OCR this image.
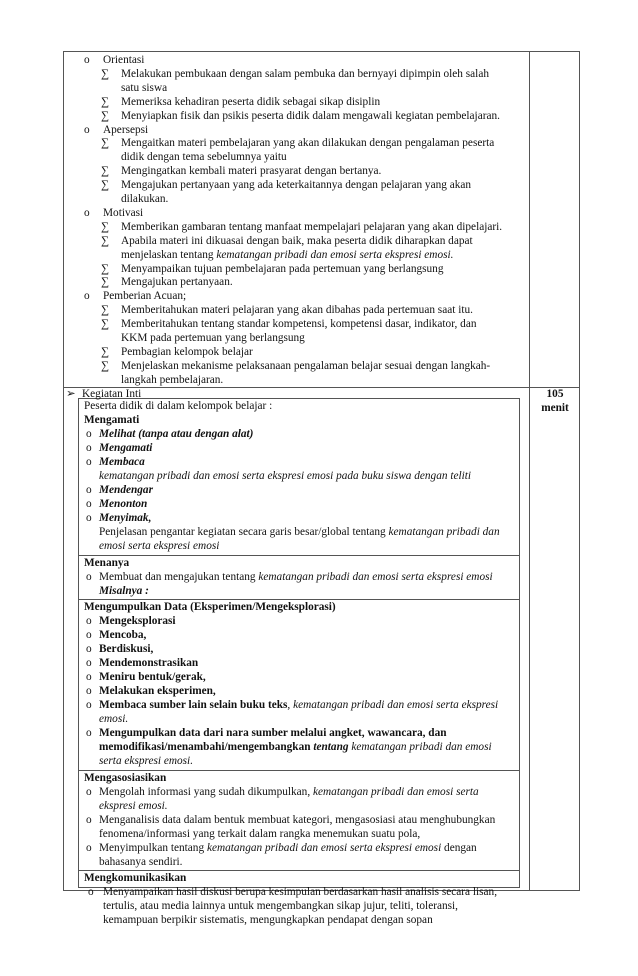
o Orientasi
∑ Melakukan pembukaan dengan salam pembuka dan bernyayi dipimpin oleh salah
satu siswa
∑ Memeriksa kehadiran peserta didik sebagai sikap disiplin
∑ Menyiapkan fisik dan psikis peserta didik dalam mengawali kegiatan pembelajaran.
o Apersepsi
∑ Mengaitkan materi pembelajaran yang akan dilakukan dengan pengalaman peserta
didik dengan tema sebelumnya yaitu
∑ Mengingatkan kembali materi prasyarat dengan bertanya.
∑ Mengajukan pertanyaan yang ada keterkaitannya dengan pelajaran yang akan
dilakukan.
o Motivasi
∑ Memberikan gambaran tentang manfaat mempelajari pelajaran yang akan dipelajari.
∑ Apabila materi ini dikuasai dengan baik, maka peserta didik diharapkan dapat
menjelaskan tentang kematangan pribadi dan emosi serta ekspresi emosi.
∑ Menyampaikan tujuan pembelajaran pada pertemuan yang berlangsung
∑ Mengajukan pertanyaan.
o Pemberian Acuan;
∑ Memberitahukan materi pelajaran yang akan dibahas pada pertemuan saat itu.
∑ Memberitahukan tentang standar kompetensi, kompetensi dasar, indikator, dan
KKM pada pertemuan yang berlangsung
∑ Pembagian kelompok belajar
∑ Menjelaskan mekanisme pelaksanaan pengalaman belajar sesuai dengan langkah-
langkah pembelajaran.
➢ Kegiatan Inti	105
menit
Peserta didik di dalam kelompok belajar :
Mengamati
o Melihat (tanpa atau dengan alat)
o Mengamati
o Membaca
kematangan pribadi dan emosi serta ekspresi emosi pada buku siswa dengan teliti
o Mendengar
o Menonton
o Menyimak,
Penjelasan pengantar kegiatan secara garis besar/global tentang kematangan pribadi dan
emosi serta ekspresi emosi
Menanya
o Membuat dan mengajukan tentang kematangan pribadi dan emosi serta ekspresi emosi
Misalnya :
Mengumpulkan Data (Eksperimen/Mengeksplorasi)
o Mengeksplorasi
o Mencoba,
o Berdiskusi,
o Mendemonstrasikan
o Meniru bentuk/gerak,
o Melakukan eksperimen,
o Membaca sumber lain selain buku teks, kematangan pribadi dan emosi serta ekspresi
emosi.
o Mengumpulkan data dari nara sumber melalui angket, wawancara, dan
memodifikasi/menambahi/mengembangkan tentang kematangan pribadi dan emosi
serta ekspresi emosi.
Mengasosiasikan
o Mengolah informasi yang sudah dikumpulkan, kematangan pribadi dan emosi serta
ekspresi emosi.
o Menganalisis data dalam bentuk membuat kategori, mengasosiasi atau menghubungkan
fenomena/informasi yang terkait dalam rangka menemukan suatu pola,
o Menyimpulkan tentang kematangan pribadi dan emosi serta ekspresi emosi dengan
bahasanya sendiri.
Mengkomunikasikan
o Menyampaikan hasil diskusi berupa kesimpulan berdasarkan hasil analisis secara lisan,
tertulis, atau media lainnya untuk mengembangkan sikap jujur, teliti, toleransi,
kemampuan berpikir sistematis, mengungkapkan pendapat dengan sopan
